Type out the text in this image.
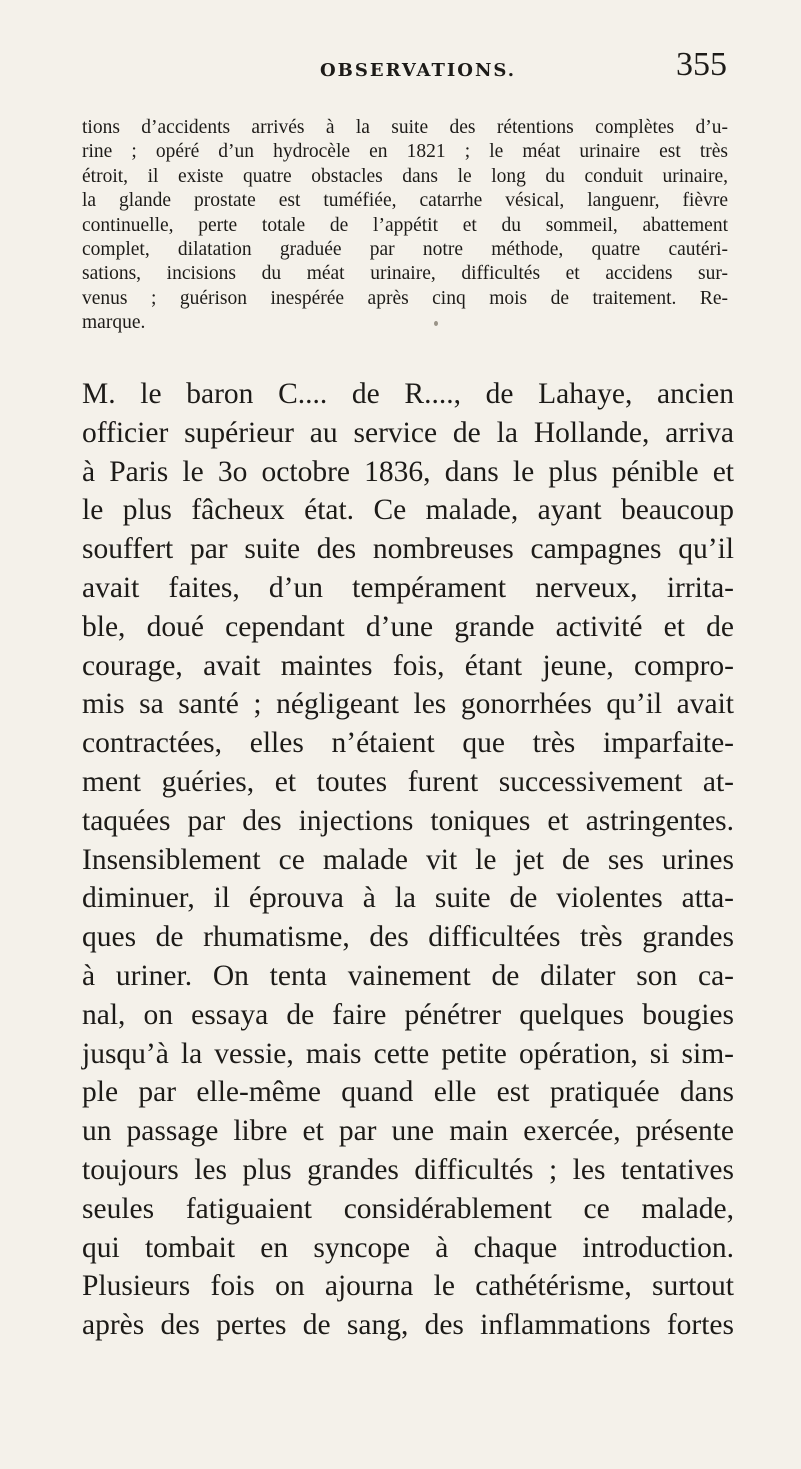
OBSERVATIONS.	355
tions d’accidents arrivés à la suite des rétentions complètes d’u-
rine ; opéré d’un hydrocèle en 1821 ; le méat urinaire est très
étroit, il existe quatre obstacles dans le long du conduit urinaire,
la glande prostate est tuméfiée, catarrhe vésical, languenr, fièvre
continuelle, perte totale de l’appétit et du sommeil, abattement
complet, dilatation graduée par notre méthode, quatre cautéri-
sations, incisions du méat urinaire, difficultés et accidens sur-
venus ; guérison inespérée après cinq mois de traitement. Re-
marque.
M. le baron C.... de R...., de Lahaye, ancien
officier supérieur au service de la Hollande, arriva
à Paris le 3o octobre 1836, dans le plus pénible et
le plus fâcheux état. Ce malade, ayant beaucoup
souffert par suite des nombreuses campagnes qu’il
avait faites, d’un tempérament nerveux, irrita-
ble, doué cependant d’une grande activité et de
courage, avait maintes fois, étant jeune, compro-
mis sa santé ; négligeant les gonorrhées qu’il avait
contractées, elles n’étaient que très imparfaite-
ment guéries, et toutes furent successivement at-
taquées par des injections toniques et astringentes.
Insensiblement ce malade vit le jet de ses urines
diminuer, il éprouva à la suite de violentes atta-
ques de rhumatisme, des difficultées très grandes
à uriner. On tenta vainement de dilater son ca-
nal, on essaya de faire pénétrer quelques bougies
jusqu’à la vessie, mais cette petite opération, si sim-
ple par elle-même quand elle est pratiquée dans
un passage libre et par une main exercée, présente
toujours les plus grandes difficultés ; les tentatives
seules fatiguaient considérablement ce malade,
qui tombait en syncope à chaque introduction.
Plusieurs fois on ajourna le cathétérisme, surtout
après des pertes de sang, des inflammations fortes
